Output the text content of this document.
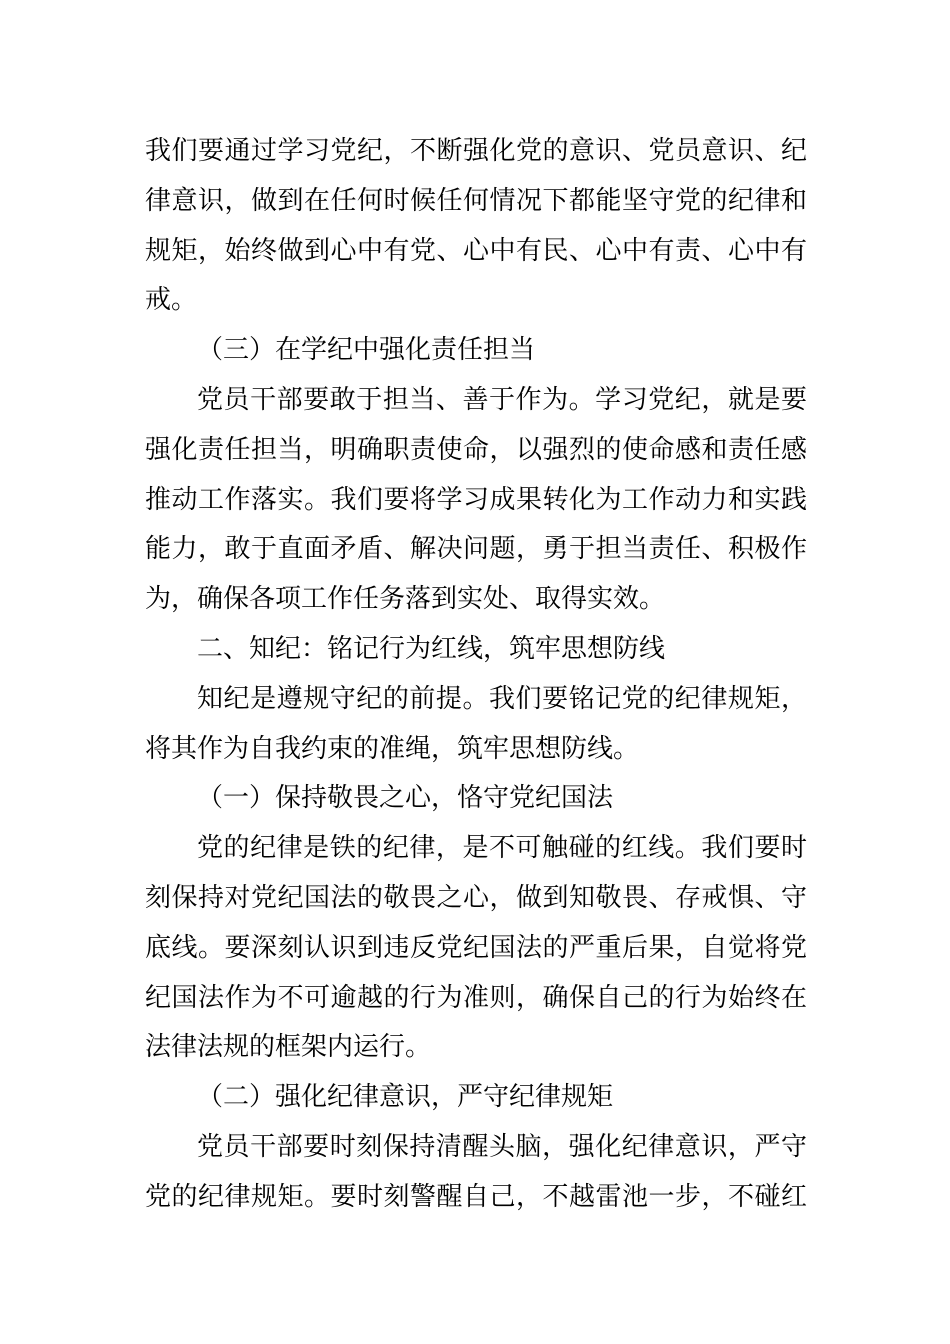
我们要通过学习党纪，不断强化党的意识、党员意识、纪
律意识，做到在任何时候任何情况下都能坚守党的纪律和
规矩，始终做到心中有党、心中有民、心中有责、心中有
戒。
（三）在学纪中强化责任担当
党员干部要敢于担当、善于作为。学习党纪，就是要
强化责任担当，明确职责使命，以强烈的使命感和责任感
推动工作落实。我们要将学习成果转化为工作动力和实践
能力，敢于直面矛盾、解决问题，勇于担当责任、积极作
为，确保各项工作任务落到实处、取得实效。
二、知纪：铭记行为红线，筑牢思想防线
知纪是遵规守纪的前提。我们要铭记党的纪律规矩，
将其作为自我约束的准绳，筑牢思想防线。
（一）保持敬畏之心，恪守党纪国法
党的纪律是铁的纪律，是不可触碰的红线。我们要时
刻保持对党纪国法的敬畏之心，做到知敬畏、存戒惧、守
底线。要深刻认识到违反党纪国法的严重后果，自觉将党
纪国法作为不可逾越的行为准则，确保自己的行为始终在
法律法规的框架内运行。
（二）强化纪律意识，严守纪律规矩
党员干部要时刻保持清醒头脑，强化纪律意识，严守
党的纪律规矩。要时刻警醒自己，不越雷池一步，不碰红
